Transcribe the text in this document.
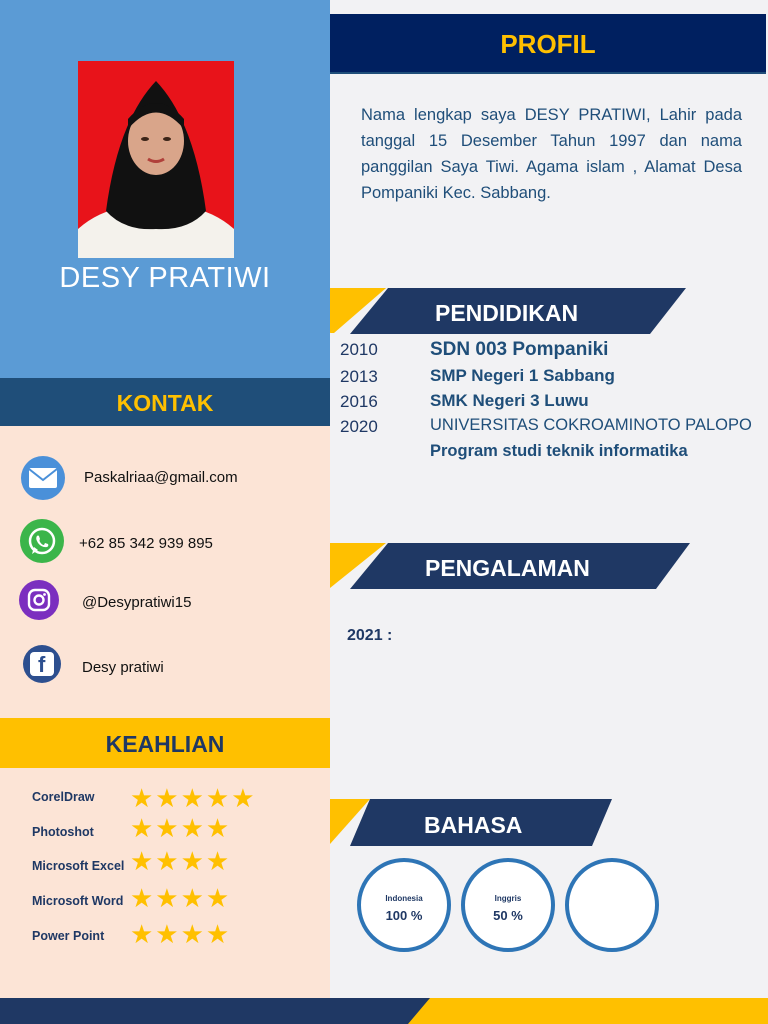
DESY PRATIWI
KONTAK
Paskalriaa@gmail.com
+62 85 342 939 895
@Desypratiwi15
f Desy pratiwi
KEAHLIAN
CorelDraw ★★★★★
Photoshot ★★★★
Microsoft Excel ★★★★
Microsoft Word ★★★★
Power Point ★★★★
PROFIL
Nama lengkap saya DESY PRATIWI, Lahir pada tanggal 15 Desember Tahun 1997 dan nama panggilan Saya Tiwi. Agama islam , Alamat Desa Pompaniki Kec. Sabbang.
PENDIDIKAN
2010	SDN 003 Pompaniki
2013	SMP Negeri 1 Sabbang
2016	SMK Negeri 3 Luwu
2020	UNIVERSITAS COKROAMINOTO PALOPO
Program studi teknik informatika
PENGALAMAN
2021 :
BAHASA
Indonesia
100 %
Inggris
50 %
